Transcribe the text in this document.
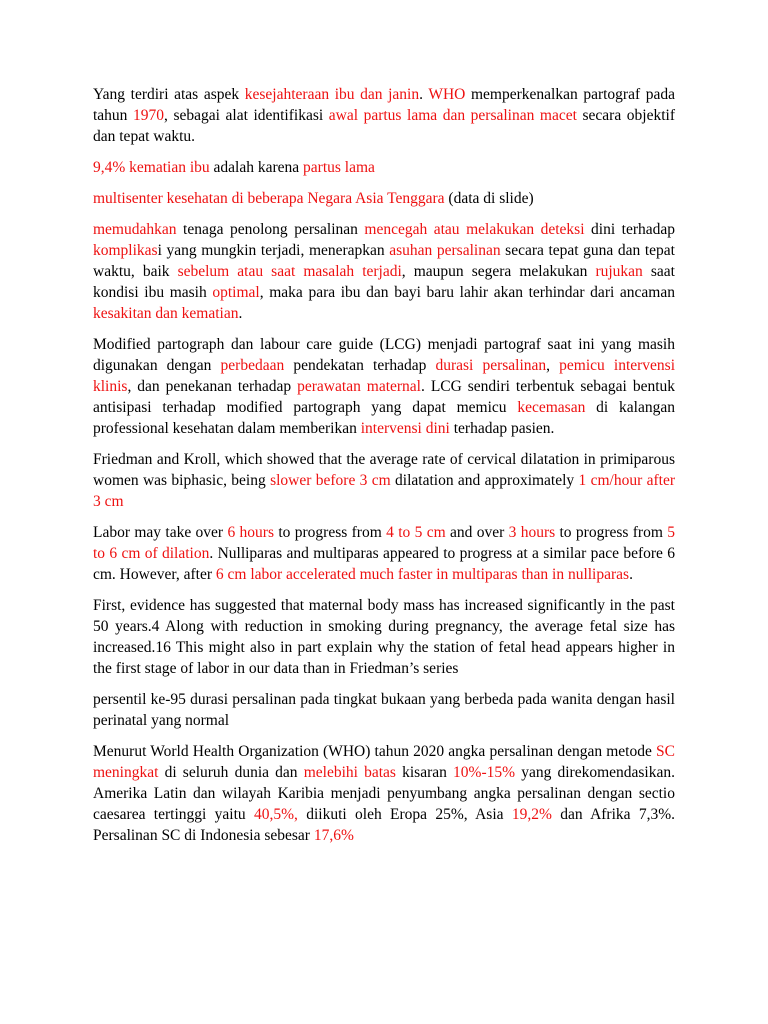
Yang terdiri atas aspek kesejahteraan ibu dan janin. WHO memperkenalkan partograf pada tahun 1970, sebagai alat identifikasi awal partus lama dan persalinan macet secara objektif dan tepat waktu.

9,4% kematian ibu adalah karena partus lama

multisenter kesehatan di beberapa Negara Asia Tenggara (data di slide)

memudahkan tenaga penolong persalinan mencegah atau melakukan deteksi dini terhadap komplikasi yang mungkin terjadi, menerapkan asuhan persalinan secara tepat guna dan tepat waktu, baik sebelum atau saat masalah terjadi, maupun segera melakukan rujukan saat kondisi ibu masih optimal, maka para ibu dan bayi baru lahir akan terhindar dari ancaman kesakitan dan kematian.

Modified partograph dan labour care guide (LCG) menjadi partograf saat ini yang masih digunakan dengan perbedaan pendekatan terhadap durasi persalinan, pemicu intervensi klinis, dan penekanan terhadap perawatan maternal. LCG sendiri terbentuk sebagai bentuk antisipasi terhadap modified partograph yang dapat memicu kecemasan di kalangan professional kesehatan dalam memberikan intervensi dini terhadap pasien.

Friedman and Kroll, which showed that the average rate of cervical dilatation in primiparous women was biphasic, being slower before 3 cm dilatation and approximately 1 cm/hour after 3 cm

Labor may take over 6 hours to progress from 4 to 5 cm and over 3 hours to progress from 5 to 6 cm of dilation. Nulliparas and multiparas appeared to progress at a similar pace before 6 cm. However, after 6 cm labor accelerated much faster in multiparas than in nulliparas.

First, evidence has suggested that maternal body mass has increased significantly in the past 50 years.4 Along with reduction in smoking during pregnancy, the average fetal size has increased.16 This might also in part explain why the station of fetal head appears higher in the first stage of labor in our data than in Friedman’s series

persentil ke-95 durasi persalinan pada tingkat bukaan yang berbeda pada wanita dengan hasil perinatal yang normal

Menurut World Health Organization (WHO) tahun 2020 angka persalinan dengan metode SC meningkat di seluruh dunia dan melebihi batas kisaran 10%-15% yang direkomendasikan. Amerika Latin dan wilayah Karibia menjadi penyumbang angka persalinan dengan sectio caesarea tertinggi yaitu 40,5%, diikuti oleh Eropa 25%, Asia 19,2% dan Afrika 7,3%. Persalinan SC di Indonesia sebesar 17,6%
